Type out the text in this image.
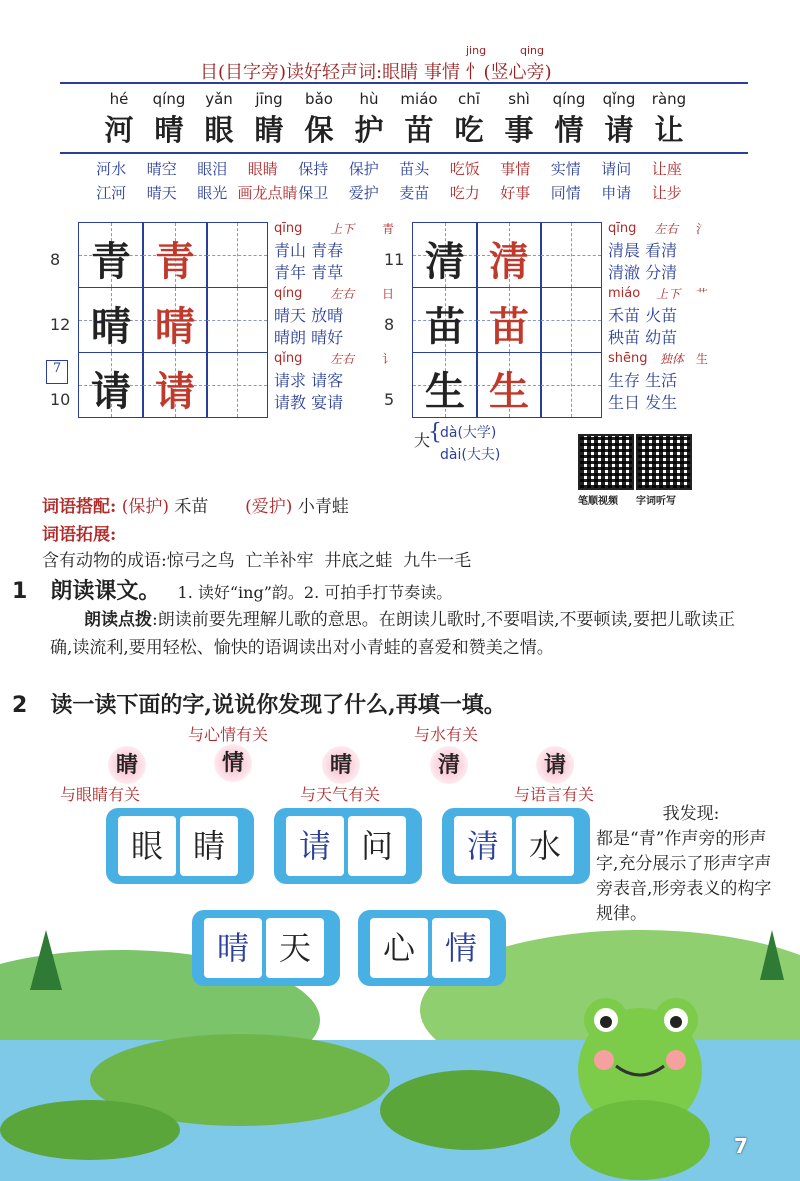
jing	qing
目(目字旁)读好轻声词:眼睛 事情 忄(竖心旁)
hé	qíng	yǎn	jīng	bǎo	hù	miáo	chī	shì	qíng	qǐng	ràng
河 晴 眼 睛 保 护 苗 吃 事 情 请 让
河水	晴空	眼泪	眼睛	保持	保护	苗头	吃饭	事情	实情	请问	让座
江河	晴天	眼光 画龙点睛 保卫	爱护	麦苗	吃力	好事	同情	申请	让步
青 青
8
qīng 上下 青
青山 青春
青年 青草
晴 晴
12
qíng 左右 日
晴天 放晴
晴朗 晴好
请 请
10
qǐng 左右 讠
请求 请客
请教 宴请
清 清
11
qīng 左右 氵
清晨 看清
清澈 分清
苗 苗
8
miáo 上下 艹
禾苗 火苗
秧苗 幼苗
生 生
5
shēng 独体 生
生存 生活
生日 发生
7
大
{
dà(大学)
dài(大夫)
笔顺视频 字词听写
词语搭配: (保护) 禾苗 (爱护) 小青蛙
词语拓展:
含有动物的成语:惊弓之鸟  亡羊补牢  井底之蛙  九牛一毛
1 朗读课文。 1. 读好“ing”韵。2. 可拍手打节奏读。
朗读点拨:朗读前要先理解儿歌的意思。在朗读儿歌时,不要唱读,不要顿读,要把儿歌读正确,读流利,要用轻松、愉快的语调读出对小青蛙的喜爱和赞美之情。
2 读一读下面的字,说说你发现了什么,再填一填。
睛	情	晴	清	请
与眼睛有关
与心情有关
与天气有关
与水有关
与语言有关
眼 睛	请 问	清 水
晴 天	心 情
我发现:
都是“青”作声旁的形声字,充分展示了形声字声旁表音,形旁表义的构字规律。
7
